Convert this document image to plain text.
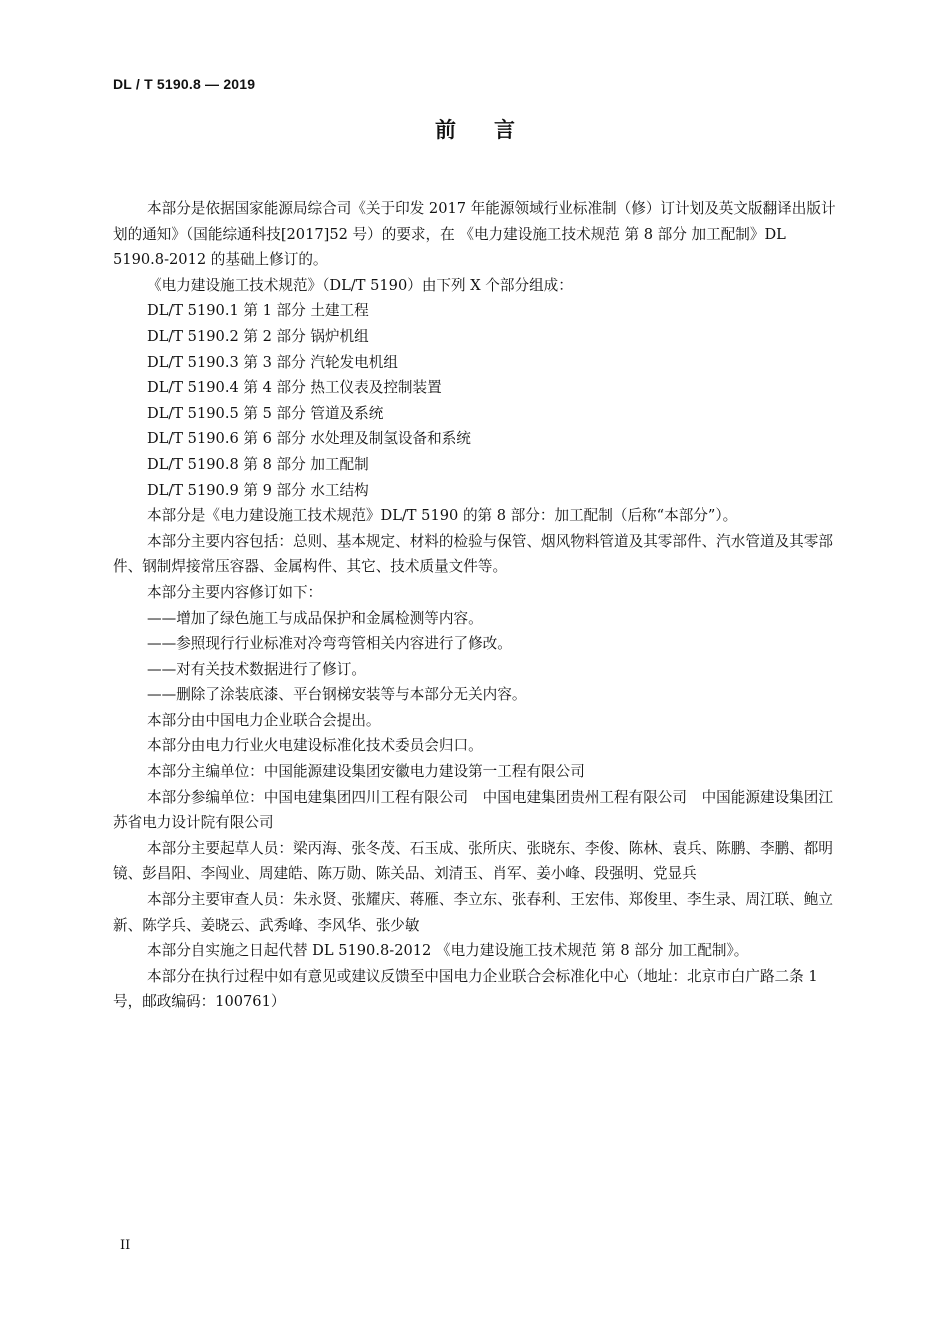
DL / T 5190.8 — 2019
前言

本部分是依据国家能源局综合司《关于印发 2017 年能源领域行业标准制（修）订计划及英文版翻译出版计划的通知》（国能综通科技[2017]52 号）的要求，在 《电力建设施工技术规范 第 8 部分 加工配制》DL 5190.8-2012 的基础上修订的。

《电力建设施工技术规范》（DL/T 5190）由下列 X 个部分组成：

DL/T 5190.1 第 1 部分 土建工程

DL/T 5190.2 第 2 部分 锅炉机组

DL/T 5190.3 第 3 部分 汽轮发电机组

DL/T 5190.4 第 4 部分 热工仪表及控制装置

DL/T 5190.5 第 5 部分 管道及系统

DL/T 5190.6 第 6 部分 水处理及制氢设备和系统

DL/T 5190.8 第 8 部分 加工配制

DL/T 5190.9 第 9 部分 水工结构

本部分是《电力建设施工技术规范》DL/T 5190 的第 8 部分：加工配制（后称“本部分”）。

本部分主要内容包括：总则、基本规定、材料的检验与保管、烟风物料管道及其零部件、汽水管道及其零部件、钢制焊接常压容器、金属构件、其它、技术质量文件等。

本部分主要内容修订如下：

——增加了绿色施工与成品保护和金属检测等内容。

——参照现行行业标准对冷弯弯管相关内容进行了修改。

——对有关技术数据进行了修订。

——删除了涂装底漆、平台钢梯安装等与本部分无关内容。

本部分由中国电力企业联合会提出。

本部分由电力行业火电建设标准化技术委员会归口。

本部分主编单位：中国能源建设集团安徽电力建设第一工程有限公司

本部分参编单位：中国电建集团四川工程有限公司　中国电建集团贵州工程有限公司　中国能源建设集团江苏省电力设计院有限公司

本部分主要起草人员：梁丙海、张冬茂、石玉成、张所庆、张晓东、李俊、陈林、袁兵、陈鹏、李鹏、都明镜、彭昌阳、李闯业、周建皓、陈万勋、陈关品、刘清玉、肖军、姜小峰、段强明、党显兵

本部分主要审查人员：朱永贤、张耀庆、蒋雁、李立东、张春利、王宏伟、郑俊里、李生录、周江联、鲍立新、陈学兵、姜晓云、武秀峰、李风华、张少敏

本部分自实施之日起代替 DL 5190.8-2012 《电力建设施工技术规范 第 8 部分 加工配制》。

本部分在执行过程中如有意见或建议反馈至中国电力企业联合会标准化中心（地址：北京市白广路二条 1 号，邮政编码：100761）

II
